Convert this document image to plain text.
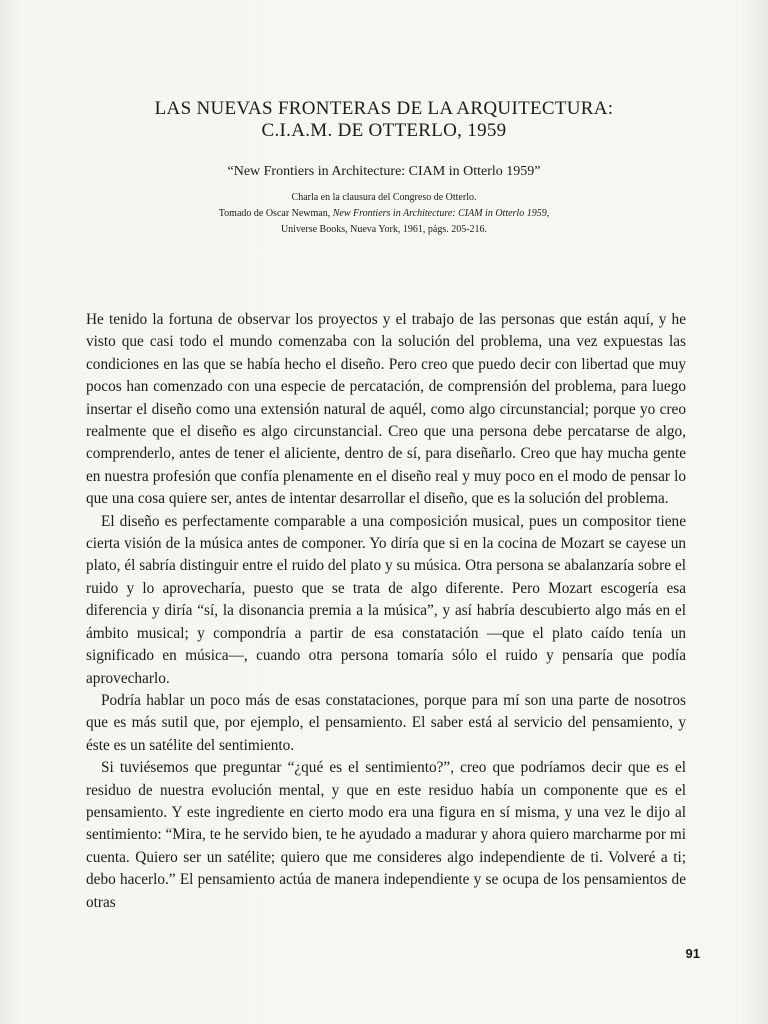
LAS NUEVAS FRONTERAS DE LA ARQUITECTURA:
C.I.A.M. DE OTTERLO, 1959
“New Frontiers in Architecture: CIAM in Otterlo 1959”
Charla en la clausura del Congreso de Otterlo.
Tomado de Oscar Newman, New Frontiers in Architecture: CIAM in Otterlo 1959,
Universe Books, Nueva York, 1961, págs. 205-216.

He tenido la fortuna de observar los proyectos y el trabajo de las personas que están aquí, y he visto que casi todo el mundo comenzaba con la solución del problema, una vez expuestas las condiciones en las que se había hecho el diseño. Pero creo que puedo decir con libertad que muy pocos han comenzado con una especie de percatación, de comprensión del problema, para luego insertar el diseño como una extensión natural de aquél, como algo circunstancial; porque yo creo realmente que el diseño es algo circunstancial. Creo que una persona debe percatarse de algo, comprenderlo, antes de tener el aliciente, dentro de sí, para diseñarlo. Creo que hay mucha gente en nuestra profesión que confía plenamente en el diseño real y muy poco en el modo de pensar lo que una cosa quiere ser, antes de intentar desarrollar el diseño, que es la solución del problema.

El diseño es perfectamente comparable a una composición musical, pues un compositor tiene cierta visión de la música antes de componer. Yo diría que si en la cocina de Mozart se cayese un plato, él sabría distinguir entre el ruido del plato y su música. Otra persona se abalanzaría sobre el ruido y lo aprovecharía, puesto que se trata de algo diferente. Pero Mozart escogería esa diferencia y diría “sí, la disonancia premia a la música”, y así habría descubierto algo más en el ámbito musical; y compondría a partir de esa constatación —que el plato caído tenía un significado en música—, cuando otra persona tomaría sólo el ruido y pensaría que podía aprovecharlo.

Podría hablar un poco más de esas constataciones, porque para mí son una parte de nosotros que es más sutil que, por ejemplo, el pensamiento. El saber está al servicio del pensamiento, y éste es un satélite del sentimiento.

Si tuviésemos que preguntar “¿qué es el sentimiento?”, creo que podríamos decir que es el residuo de nuestra evolución mental, y que en este residuo había un componente que es el pensamiento. Y este ingrediente en cierto modo era una figura en sí misma, y una vez le dijo al sentimiento: “Mira, te he servido bien, te he ayudado a madurar y ahora quiero marcharme por mi cuenta. Quiero ser un satélite; quiero que me consideres algo independiente de ti. Volveré a ti; debo hacerlo.” El pensamiento actúa de manera independiente y se ocupa de los pensamientos de otras

91
